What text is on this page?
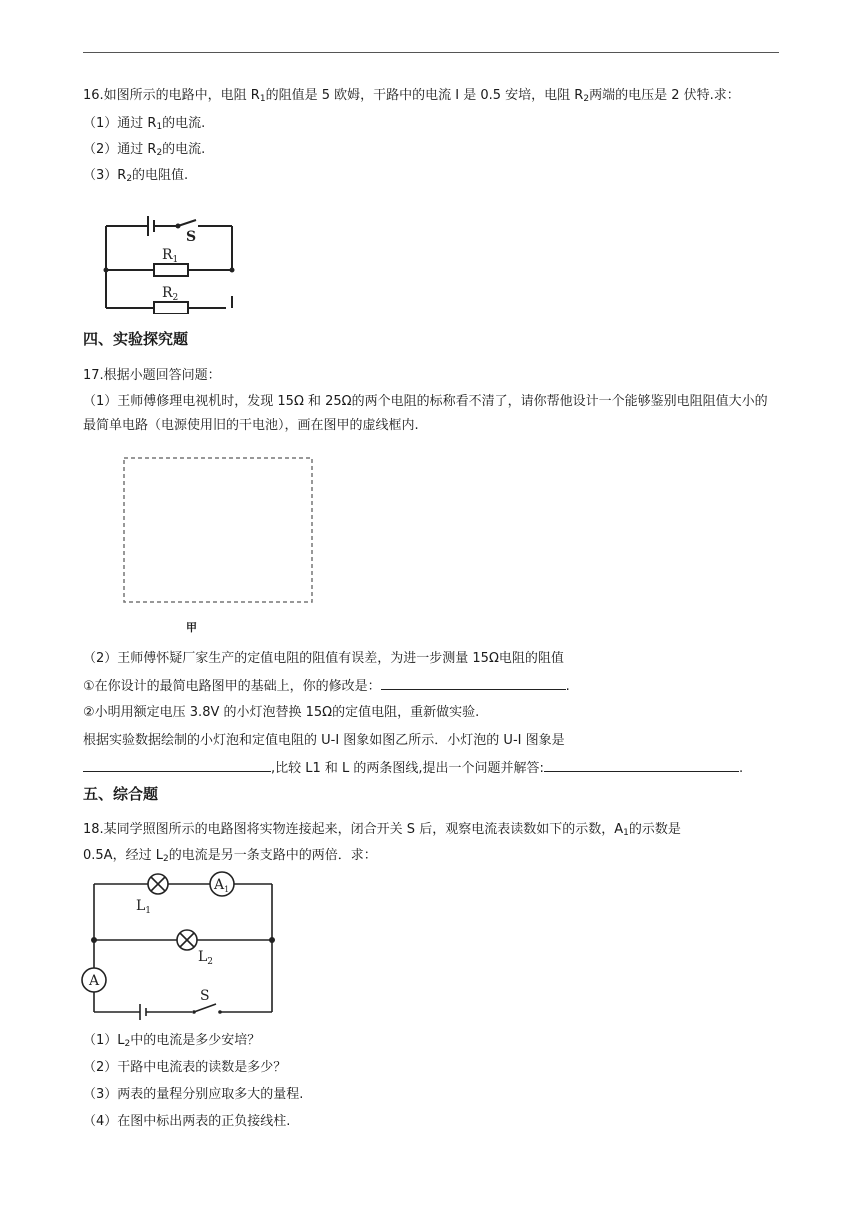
16.如图所示的电路中，电阻 $R_1$的阻值是 5 欧姆，干路中的电流 I 是 0.5 安培，电阻 $R_2$两端的电压是 2 伏特.求：
（1）通过 $R_1$的电流.
（2）通过 $R_2$的电流.
$(3)R_2$的电阻值.
S
$R_1$
$R_2$
四、实验探究题
17.根据小题回答问题：
（1）王师傅修理电视机时，发现 15Ω 和 25Ω的两个电阻的标称看不清了，请你帮他设计一个能够鉴别电阻阻值大小的最简单电路（电源使用旧的干电池），画在图甲的虚线框内.
甲
（2）王师傅怀疑厂家生产的定值电阻的阻值有误差，为进一步测量 15Ω电阻的阻值
①在你设计的最简电路图甲的基础上，你的修改是：	.
②小明用额定电压 3.8V 的小灯泡替换 15Ω的定值电阻，重新做实验.
根据实验数据绘制的小灯泡和定值电阻的 U-I 图象如图乙所示．小灯泡的 U-I 图象是
,比较 L1 和 L 的两条图线,提出一个问题并解答:	.
五、综合题
18.某同学照图所示的电路图将实物连接起来，闭合开关 S 后，观察电流表读数如下的示数，$A_1$的示数是
0.5A，经过 $L_2$的电流是另一条支路中的两倍．求：
$L_1$
$A_1$
$L_2$
A
S
$(1)L_2$中的电流是多少安培？
（2）干路中电流表的读数是多少？
（3）两表的量程分别应取多大的量程.
（4）在图中标出两表的正负接线柱.
